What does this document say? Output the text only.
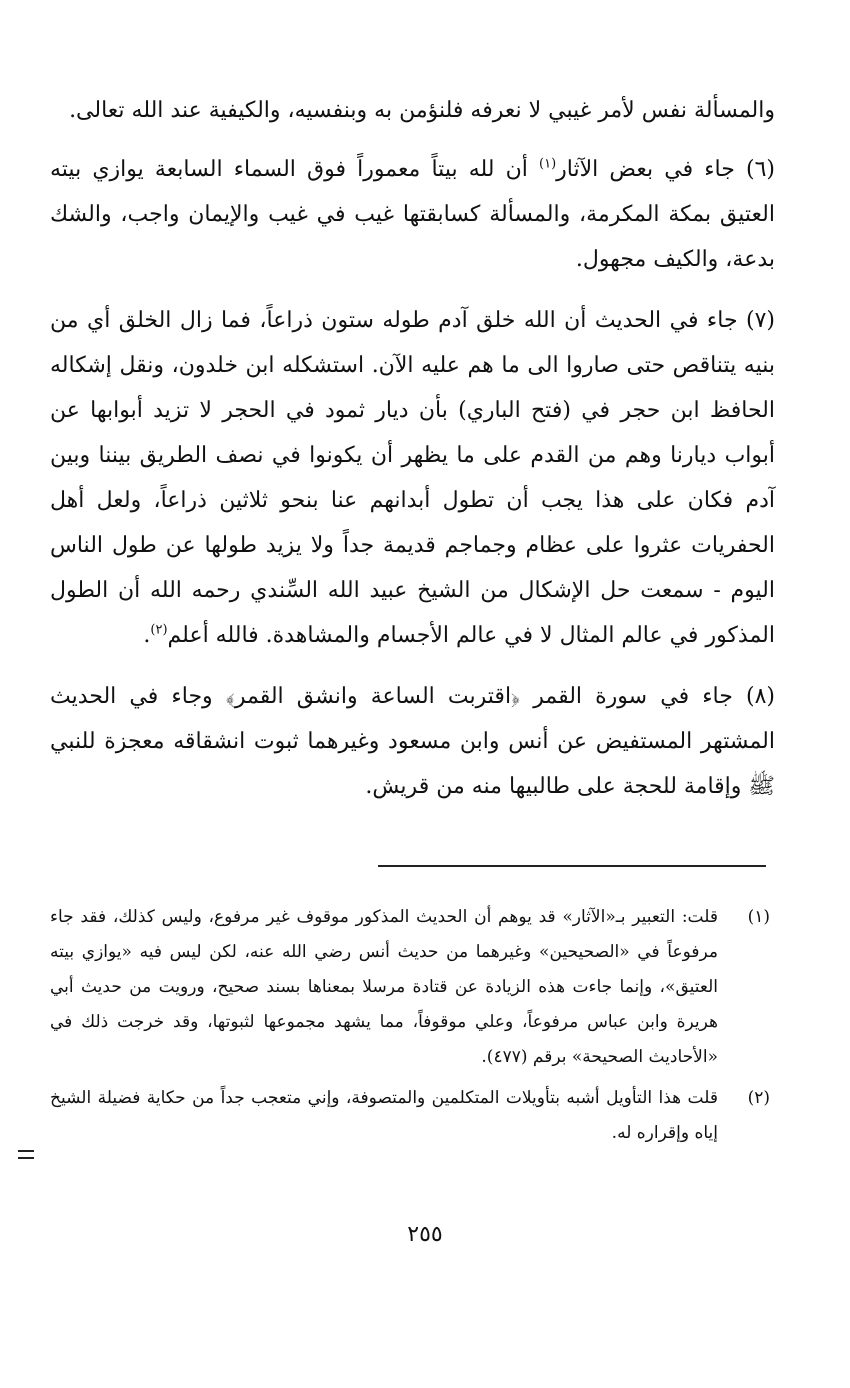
والمسألة نفس لأمر غيبي لا نعرفه فلنؤمن به وبنفسيه، والكيفية عند الله تعالى.

(٦) جاء في بعض الآثار$^{(١)}$ أن لله بيتاً معموراً فوق السماء السابعة يوازي بيته العتيق بمكة المكرمة، والمسألة كسابقتها غيب في غيب والإيمان واجب، والشك بدعة، والكيف مجهول.

(٧) جاء في الحديث أن الله خلق آدم طوله ستون ذراعاً، فما زال الخلق أي من بنيه يتناقص حتى صاروا الى ما هم عليه الآن. استشكله ابن خلدون، ونقل إشكاله الحافظ ابن حجر في (فتح الباري) بأن ديار ثمود في الحجر لا تزيد أبوابها عن أبواب ديارنا وهم من القدم على ما يظهر أن يكونوا في نصف الطريق بيننا وبين آدم فكان على هذا يجب أن تطول أبدانهم عنا بنحو ثلاثين ذراعاً، ولعل أهل الحفريات عثروا على عظام وجماجم قديمة جداً ولا يزيد طولها عن طول الناس اليوم - سمعت حل الإشكال من الشيخ عبيد الله السِّندي رحمه الله أن الطول المذكور في عالم المثال لا في عالم الأجسام والمشاهدة. فالله أعلم$^{(٢)}$.

(٨) جاء في سورة القمر ﴿اقتربت الساعة وانشق القمر﴾ وجاء في الحديث المشتهر المستفيض عن أنس وابن مسعود وغيرهما ثبوت انشقاقه معجزة للنبي ﷺ وإقامة للحجة على طالبيها منه من قريش.

(١)
قلت: التعبير بـ«الآثار» قد يوهم أن الحديث المذكور موقوف غير مرفوع، وليس كذلك، فقد جاء مرفوعاً في «الصحيحين» وغيرهما من حديث أنس رضي الله عنه، لكن ليس فيه «يوازي بيته العتيق»، وإنما جاءت هذه الزيادة عن قتادة مرسلا بمعناها بسند صحيح، ورويت من حديث أبي هريرة وابن عباس مرفوعاً، وعلي موقوفاً، مما يشهد مجموعها لثبوتها، وقد خرجت ذلك في «الأحاديث الصحيحة» برقم (٤٧٧).
(٢)
قلت هذا التأويل أشبه بتأويلات المتكلمين والمتصوفة، وإني متعجب جداً من حكاية فضيلة الشيخ إياه وإقراره له.
٢٥٥
